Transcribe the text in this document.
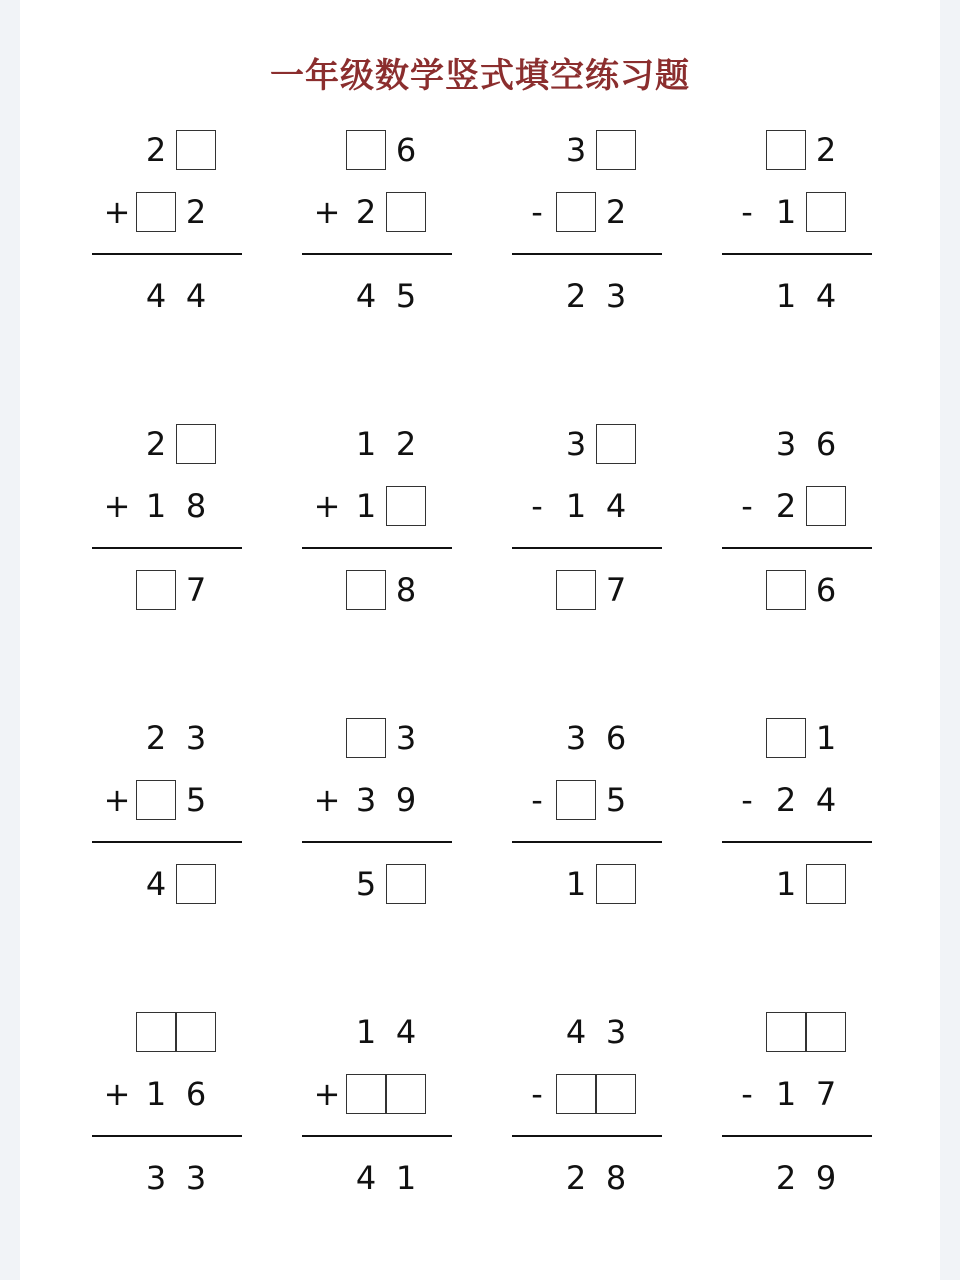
一年级数学竖式填空练习题
2
+	2
4 4
6
+ 2
4 5
3
-	2
2 3
2
- 1
1 4
2
+ 1 8
7
1 2
+ 1
8
3
- 1 4
7
3 6
- 2
6
2 3
+	5
4
3
+ 3 9
5
3 6
-	5
1
1
- 2 4
1
+ 1 6
3 3
1 4
+
4 1
4 3
-
2 8
- 1 7
2 9
